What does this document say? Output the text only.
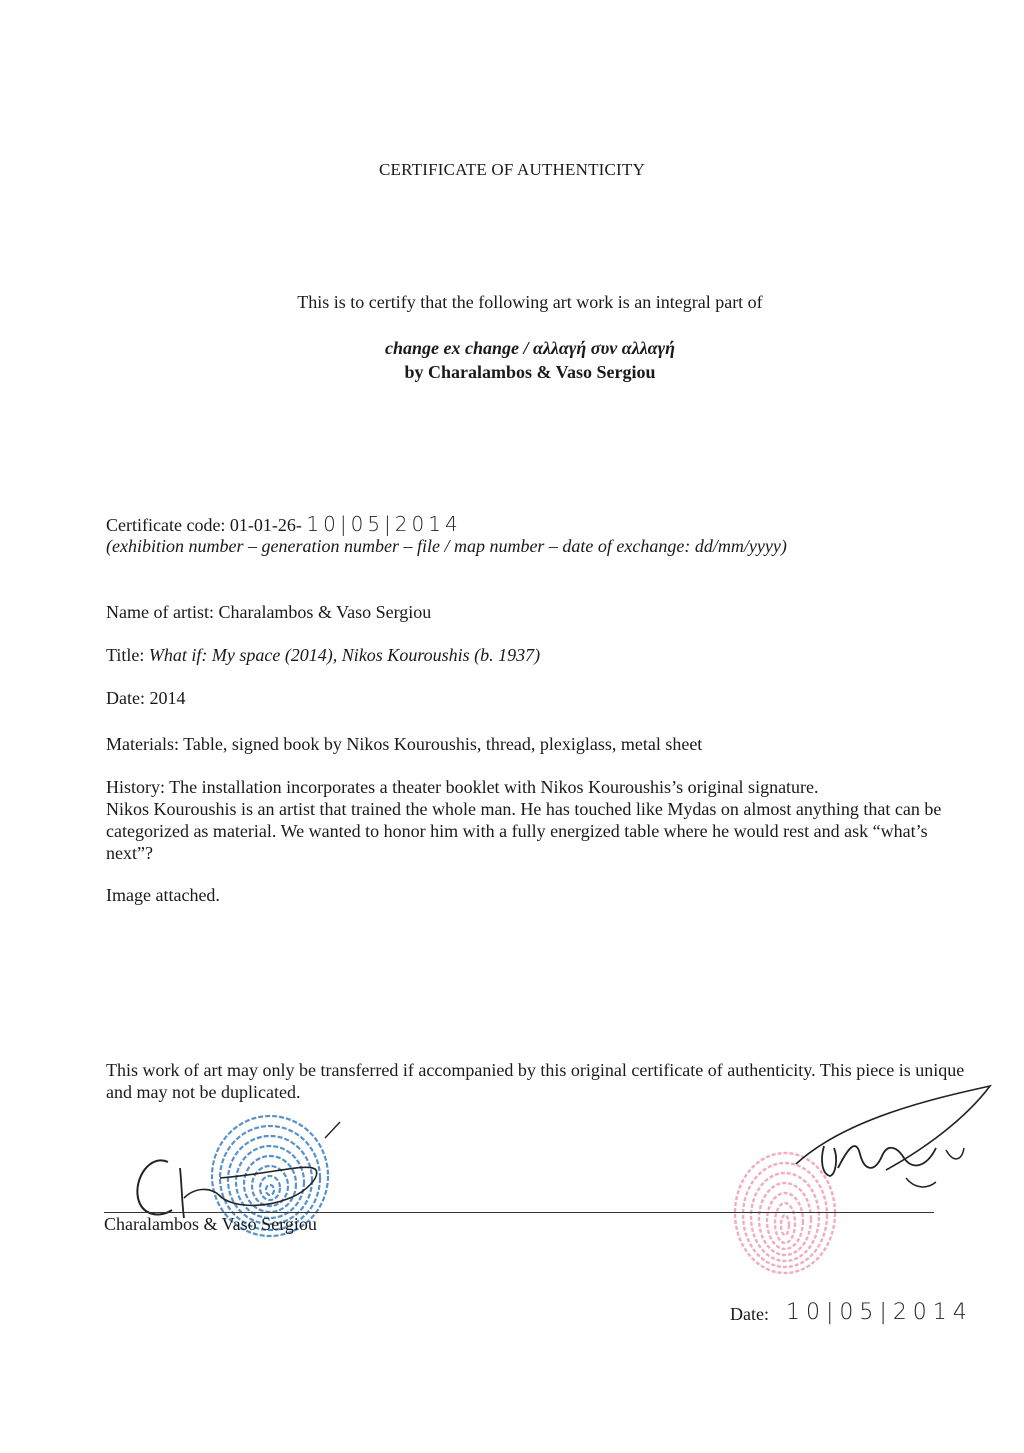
CERTIFICATE OF AUTHENTICITY
This is to certify that the following art work is an integral part of
change ex change / αλλαγή συν αλλαγή
by Charalambos & Vaso Sergiou
Certificate code: 01-01-26- 10|05|2014
(exhibition number – generation number – file / map number – date of exchange: dd/mm/yyyy)
Name of artist: Charalambos & Vaso Sergiou
Title: What if: My space (2014), Nikos Kouroushis (b. 1937)
Date: 2014
Materials: Table, signed book by Nikos Kouroushis, thread, plexiglass, metal sheet

History: The installation incorporates a theater booklet with Nikos Kouroushis’s original signature.

Nikos Kouroushis is an artist that trained the whole man. He has touched like Mydas on almost anything that can be categorized as material. We wanted to honor him with a fully energized table where he would rest and ask “what’s next”?

Image attached.
This work of art may only be transferred if accompanied by this original certificate of authenticity. This piece is unique and may not be duplicated.
Charalambos & Vaso Sergiou
Date: 10|05|2014
